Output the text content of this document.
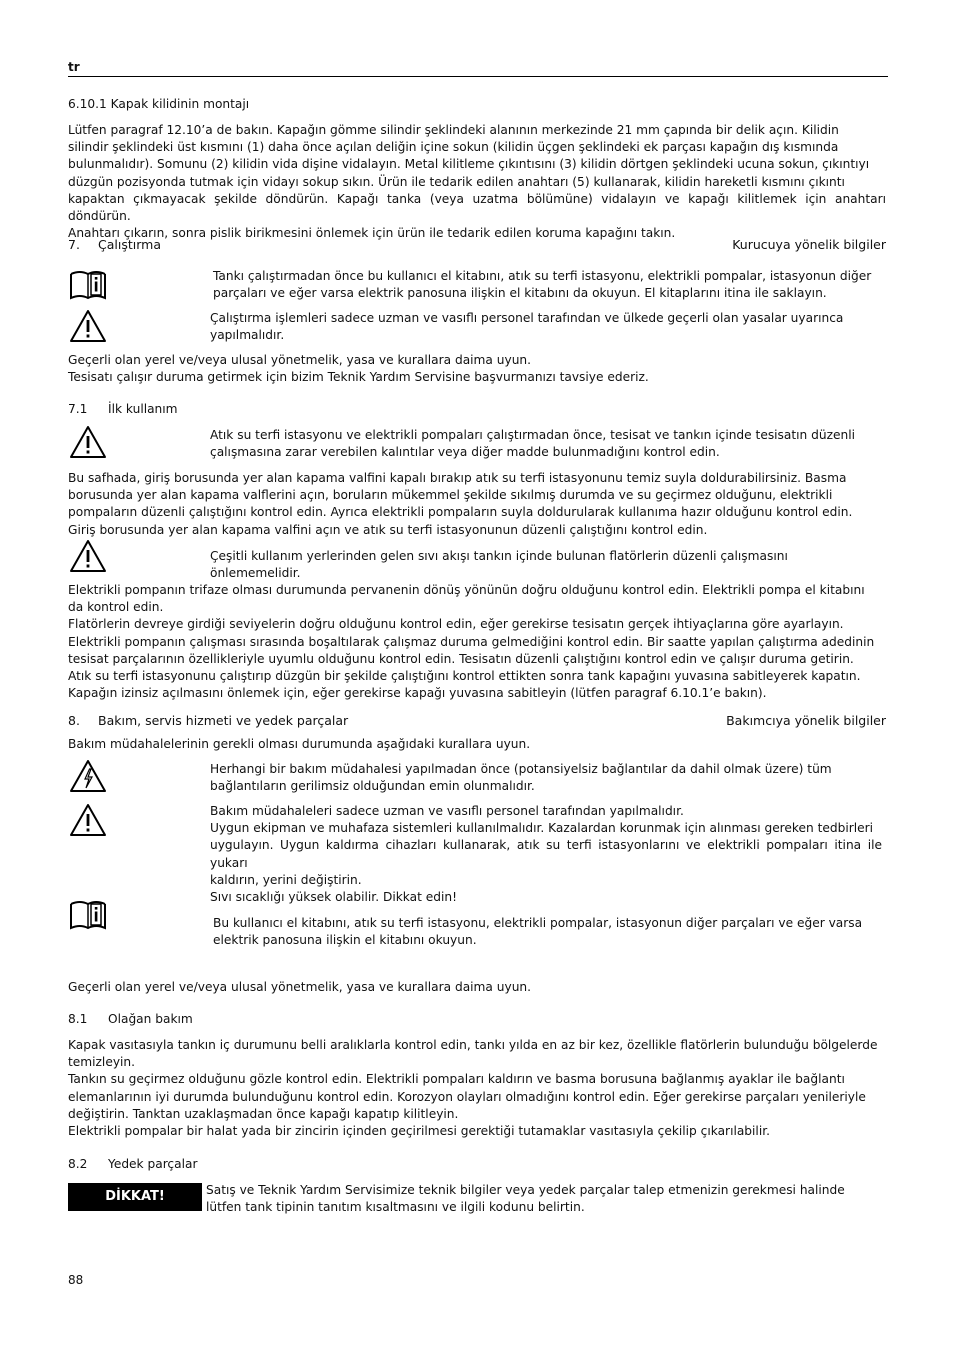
tr
6.10.1 Kapak kilidinin montajı
Lütfen paragraf 12.10’a de bakın. Kapağın gömme silindir şeklindeki alanının merkezinde 21 mm çapında bir delik açın. Kilidin
silindir şeklindeki üst kısmını (1) daha önce açılan deliğin içine sokun (kilidin üçgen şeklindeki ek parçası kapağın dış kısmında
bulunmalıdır). Somunu (2) kilidin vida dişine vidalayın. Metal kilitleme çıkıntısını (3) kilidin dörtgen şeklindeki ucuna sokun, çıkıntıyı
düzgün pozisyonda tutmak için vidayı sokup sıkın. Ürün ile tedarik edilen anahtarı (5) kullanarak, kilidin hareketli kısmını çıkıntı
kapaktan çıkmayacak şekilde döndürün. Kapağı tanka (veya uzatma bölümüne) vidalayın ve kapağı kilitlemek için anahtarı döndürün.
Anahtarı çıkarın, sonra pislik birikmesini önlemek için ürün ile tedarik edilen koruma kapağını takın.
7. Çalıştırma	Kurucuya yönelik bilgiler
Tankı çalıştırmadan önce bu kullanıcı el kitabını, atık su terfi istasyonu, elektrikli pompalar, istasyonun diğer
parçaları ve eğer varsa elektrik panosuna ilişkin el kitabını da okuyun. El kitaplarını itina ile saklayın.
Çalıştırma işlemleri sadece uzman ve vasıflı personel tarafından ve ülkede geçerli olan yasalar uyarınca
yapılmalıdır.
Geçerli olan yerel ve/veya ulusal yönetmelik, yasa ve kurallara daima uyun.
Tesisatı çalışır duruma getirmek için bizim Teknik Yardım Servisine başvurmanızı tavsiye ederiz.
7.1 İlk kullanım
Atık su terfi istasyonu ve elektrikli pompaları çalıştırmadan önce, tesisat ve tankın içinde tesisatın düzenli
çalışmasına zarar verebilen kalıntılar veya diğer madde bulunmadığını kontrol edin.
Bu safhada, giriş borusunda yer alan kapama valfini kapalı bırakıp atık su terfi istasyonunu temiz suyla doldurabilirsiniz. Basma
borusunda yer alan kapama valflerini açın, boruların mükemmel şekilde sıkılmış durumda ve su geçirmez olduğunu, elektrikli
pompaların düzenli çalıştığını kontrol edin. Ayrıca elektrikli pompaların suyla doldurularak kullanıma hazır olduğunu kontrol edin.
Giriş borusunda yer alan kapama valfini açın ve atık su terfi istasyonunun düzenli çalıştığını kontrol edin.
Çeşitli kullanım yerlerinden gelen sıvı akışı tankın içinde bulunan flatörlerin düzenli çalışmasını önlememelidir.
Elektrikli pompanın trifaze olması durumunda pervanenin dönüş yönünün doğru olduğunu kontrol edin. Elektrikli pompa el kitabını
da kontrol edin.
Flatörlerin devreye girdiği seviyelerin doğru olduğunu kontrol edin, eğer gerekirse tesisatın gerçek ihtiyaçlarına göre ayarlayın.
Elektrikli pompanın çalışması sırasında boşaltılarak çalışmaz duruma gelmediğini kontrol edin. Bir saatte yapılan çalıştırma adedinin
tesisat parçalarının özellikleriyle uyumlu olduğunu kontrol edin. Tesisatın düzenli çalıştığını kontrol edin ve çalışır duruma getirin.
Atık su terfi istasyonunu çalıştırıp düzgün bir şekilde çalıştığını kontrol ettikten sonra tank kapağını yuvasına sabitleyerek kapatın.
Kapağın izinsiz açılmasını önlemek için, eğer gerekirse kapağı yuvasına sabitleyin (lütfen paragraf 6.10.1’e bakın).
8. Bakım, servis hizmeti ve yedek parçalar	Bakımcıya yönelik bilgiler
Bakım müdahalelerinin gerekli olması durumunda aşağıdaki kurallara uyun.
Herhangi bir bakım müdahalesi yapılmadan önce (potansiyelsiz bağlantılar da dahil olmak üzere) tüm
bağlantıların gerilimsiz olduğundan emin olunmalıdır.
Bakım müdahaleleri sadece uzman ve vasıflı personel tarafından yapılmalıdır.
Uygun ekipman ve muhafaza sistemleri kullanılmalıdır. Kazalardan korunmak için alınması gereken tedbirleri
uygulayın. Uygun kaldırma cihazları kullanarak, atık su terfi istasyonlarını ve elektrikli pompaları itina ile yukarı
kaldırın, yerini değiştirin.
Sıvı sıcaklığı yüksek olabilir. Dikkat edin!
Bu kullanıcı el kitabını, atık su terfi istasyonu, elektrikli pompalar, istasyonun diğer parçaları ve eğer varsa
elektrik panosuna ilişkin el kitabını okuyun.
Geçerli olan yerel ve/veya ulusal yönetmelik, yasa ve kurallara daima uyun.
8.1 Olağan bakım
Kapak vasıtasıyla tankın iç durumunu belli aralıklarla kontrol edin, tankı yılda en az bir kez, özellikle flatörlerin bulunduğu bölgelerde
temizleyin.
Tankın su geçirmez olduğunu gözle kontrol edin. Elektrikli pompaları kaldırın ve basma borusuna bağlanmış ayaklar ile bağlantı
elemanlarının iyi durumda bulunduğunu kontrol edin. Korozyon olayları olmadığını kontrol edin. Eğer gerekirse parçaları yenileriyle
değiştirin. Tanktan uzaklaşmadan önce kapağı kapatıp kilitleyin.
Elektrikli pompalar bir halat yada bir zincirin içinden geçirilmesi gerektiği tutamaklar vasıtasıyla çekilip çıkarılabilir.
8.2 Yedek parçalar
DİKKAT!	Satış ve Teknik Yardım Servisimize teknik bilgiler veya yedek parçalar talep etmenizin gerekmesi halinde
lütfen tank tipinin tanıtım kısaltmasını ve ilgili kodunu belirtin.
88
